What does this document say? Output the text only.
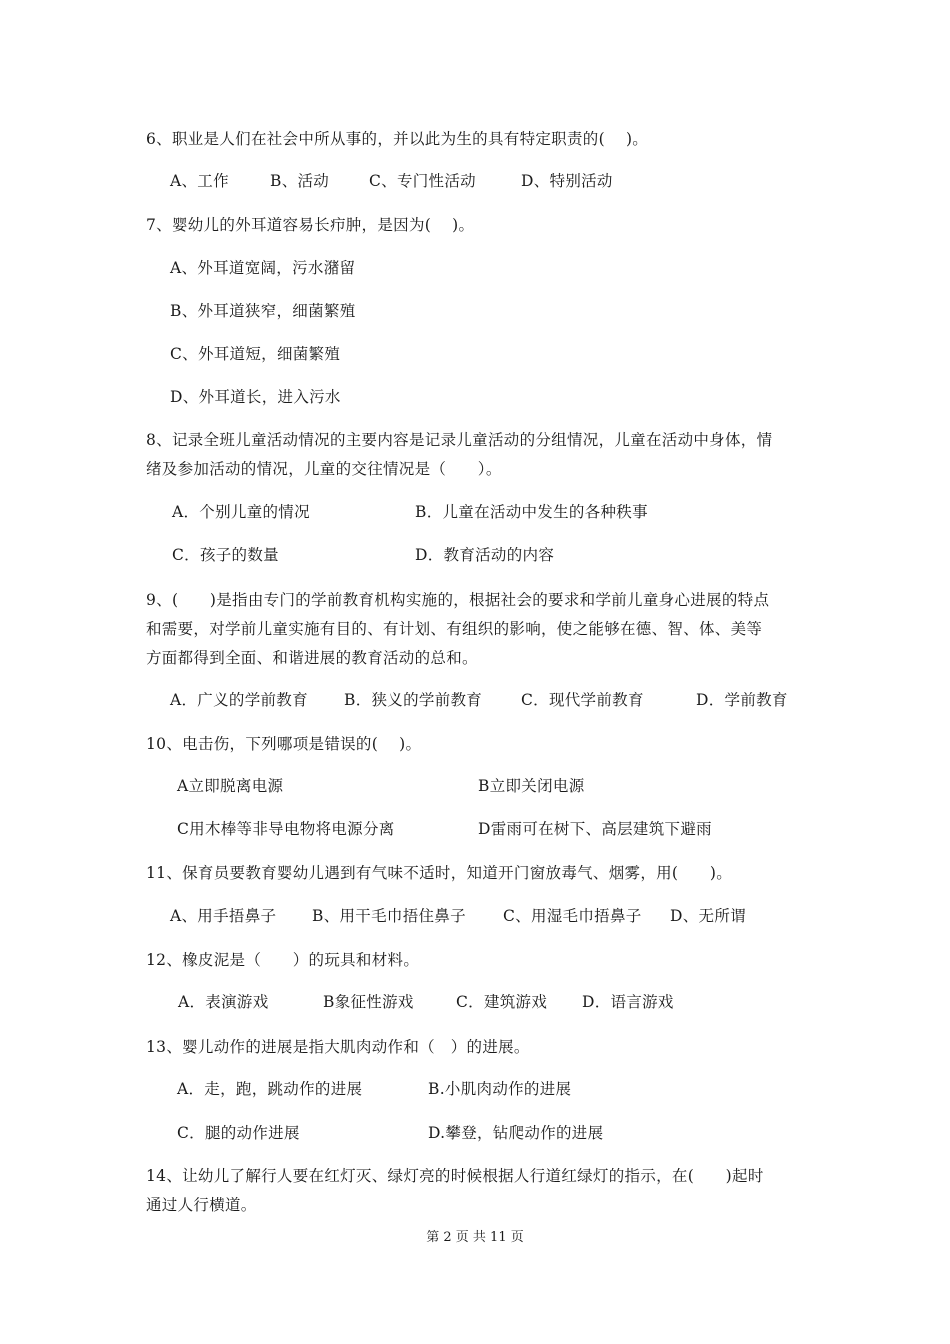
6、职业是人们在社会中所从事的，并以此为生的具有特定职责的(　 )。
A、工作	B、活动	C、专门性活动	D、特别活动
7、婴幼儿的外耳道容易长疖肿，是因为(　 )。
A、外耳道宽阔，污水潴留
B、外耳道狭窄，细菌繁殖
C、外耳道短，细菌繁殖
D、外耳道长，进入污水
8、记录全班儿童活动情况的主要内容是记录儿童活动的分组情况，儿童在活动中身体，情
绪及参加活动的情况，儿童的交往情况是（　　）。
A．个别儿童的情况	B．儿童在活动中发生的各种秩事
C．孩子的数量	D．教育活动的内容
9、(　　)是指由专门的学前教育机构实施的，根据社会的要求和学前儿童身心进展的特点
和需要，对学前儿童实施有目的、有计划、有组织的影响，使之能够在德、智、体、美等
方面都得到全面、和谐进展的教育活动的总和。
A．广义的学前教育 B．狭义的学前教育	C．现代学前教育	D．学前教育
10、电击伤，下列哪项是错误的(　 )。
A立即脱离电源	B立即关闭电源
C用木棒等非导电物将电源分离	D雷雨可在树下、高层建筑下避雨
11、保育员要教育婴幼儿遇到有气味不适时，知道开门窗放毒气、烟雾，用(　　)。
A、用手捂鼻子 B、用干毛巾捂住鼻子 C、用湿毛巾捂鼻子 D、无所谓
12、橡皮泥是（　　）的玩具和材料。
A．表演游戏	B象征性游戏	C．建筑游戏 D．语言游戏
13、婴儿动作的进展是指大肌肉动作和（　）的进展。
A．走，跑，跳动作的进展	B.小肌肉动作的进展
C．腿的动作进展	D.攀登，钻爬动作的进展
14、让幼儿了解行人要在红灯灭、绿灯亮的时候根据人行道红绿灯的指示，在(　　)起时
通过人行横道。
第 2 页 共 11 页
